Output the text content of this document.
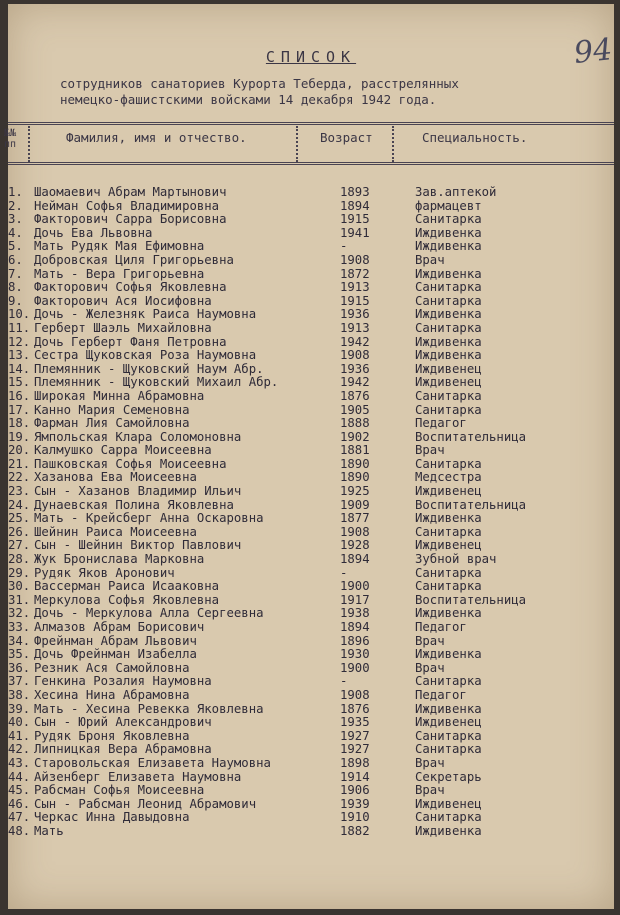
94
СПИСОК
сотрудников санаториев Курорта Теберда, расстрелянных
немецко-фашистскими войсками 14 декабря 1942 года.
№№ пп	Фамилия, имя и отчество.	Возраст	Специальность.
1. Шаомаевич Абрам Мартынович	1893	Зав.аптекой
2. Нейман Софья Владимировна	1894	фармацевт
3. Факторович Сарра Борисовна	1915	Санитарка
4. Дочь Ева Львовна	1941	Иждивенка
5. Мать Рудяк Мая Ефимовна	-	Иждивенка
6. Добровская Циля Григорьевна	1908	Врач
7. Мать - Вера Григорьевна	1872	Иждивенка
8. Факторович Софья Яковлевна	1913	Санитарка
9. Факторович Ася Иосифовна	1915	Санитарка
10. Дочь - Железняк Раиса Наумовна	1936	Иждивенка
11. Герберт Шаэль Михайловна	1913	Санитарка
12. Дочь Герберт Фаня Петровна	1942	Иждивенка
13. Сестра Щуковская Роза Наумовна	1908	Иждивенка
14. Племянник - Щуковский Наум Абр.	1936	Иждивенец
15. Племянник - Щуковский Михаил Абр.	1942	Иждивенец
16. Широкая Минна Абрамовна	1876	Санитарка
17. Канно Мария Семеновна	1905	Санитарка
18. Фарман Лия Самойловна	1888	Педагог
19. Ямпольская Клара Соломоновна	1902	Воспитательница
20. Калмушко Сарра Моисеевна	1881	Врач
21. Пашковская Софья Моисеевна	1890	Санитарка
22. Хазанова Ева Моисеевна	1890	Медсестра
23. Сын - Хазанов Владимир Ильич	1925	Иждивенец
24. Дунаевская Полина Яковлевна	1909	Воспитательница
25. Мать - Крейсберг Анна Оскаровна	1877	Иждивенка
26. Шейнин Раиса Моисеевна	1908	Санитарка
27. Сын - Шейнин Виктор Павлович	1928	Иждивенец
28. Жук Бронислава Марковна	1894	Зубной врач
29. Рудяк Яков Аронович	-	Санитарка
30. Вассерман Раиса Исааковна	1900	Санитарка
31. Меркулова Софья Яковлевна	1917	Воспитательница
32. Дочь - Меркулова Алла Сергеевна	1938	Иждивенка
33. Алмазов Абрам Борисович	1894	Педагог
34. Фрейнман Абрам Львович	1896	Врач
35. Дочь Фрейнман Изабелла	1930	Иждивенка
36. Резник Ася Самойловна	1900	Врач
37. Генкина Розалия Наумовна	-	Санитарка
38. Хесина Нина Абрамовна	1908	Педагог
39. Мать - Хесина Ревекка Яковлевна	1876	Иждивенка
40. Сын - Юрий Александрович	1935	Иждивенец
41. Рудяк Броня Яковлевна	1927	Санитарка
42. Липницкая Вера Абрамовна	1927	Санитарка
43. Старовольская Елизавета Наумовна	1898	Врач
44. Айзенберг Елизавета Наумовна	1914	Секретарь
45. Рабсман Софья Моисеевна	1906	Врач
46. Сын - Рабсман Леонид Абрамович	1939	Иждивенец
47. Черкас Инна Давыдовна	1910	Санитарка
48. Мать	1882	Иждивенка
